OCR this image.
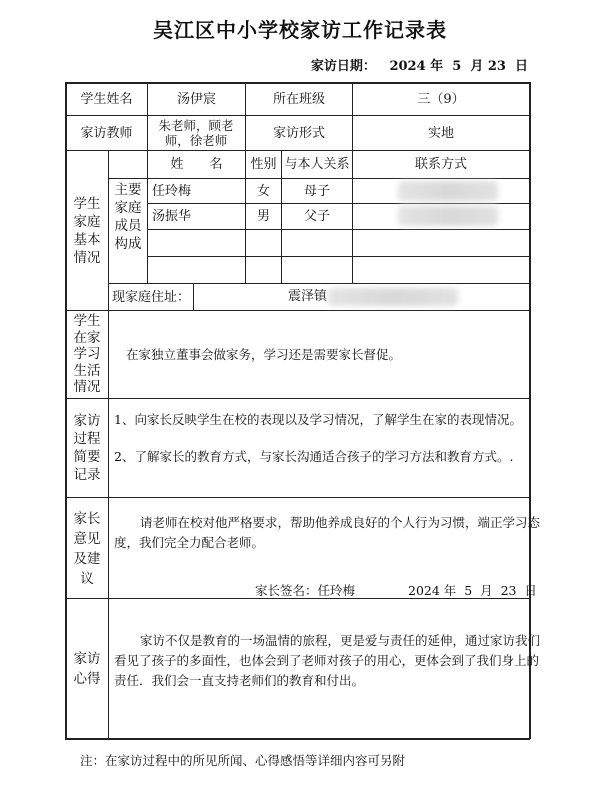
吴江区中小学校家访工作记录表
家访日期：   2024 年  5  月 23  日
学生姓名	汤伊宸	所在班级	三（9）
家访教师	朱老师，顾老师，徐老师	家访形式	实地
学生家庭基本情况
主要家庭成员构成
姓　　名	性别 与本人关系	联系方式
任玲梅	女	母子
汤振华	男	父子
现家庭住址：	震泽镇
学生在家学习生活情况
在家独立董事会做家务，学习还是需要家长督促。
家访过程简要记录
1、向家长反映学生在校的表现以及学习情况，了解学生在家的表现情况。
2、了解家长的教育方式，与家长沟通适合孩子的学习方法和教育方式。.
家长意见及建议
请老师在校对他严格要求，帮助他养成良好的个人行为习惯，端正学习态
度，我们完全力配合老师。
家长签名：任玲梅	2024 年  5  月  23  日
家访心得
家访不仅是教育的一场温情的旅程，更是爱与责任的延伸，通过家访我们
看见了孩子的多面性，也体会到了老师对孩子的用心，更体会到了我们身上的
责任．我们会一直支持老师们的教育和付出。
注：在家访过程中的所见所闻、心得感悟等详细内容可另附
